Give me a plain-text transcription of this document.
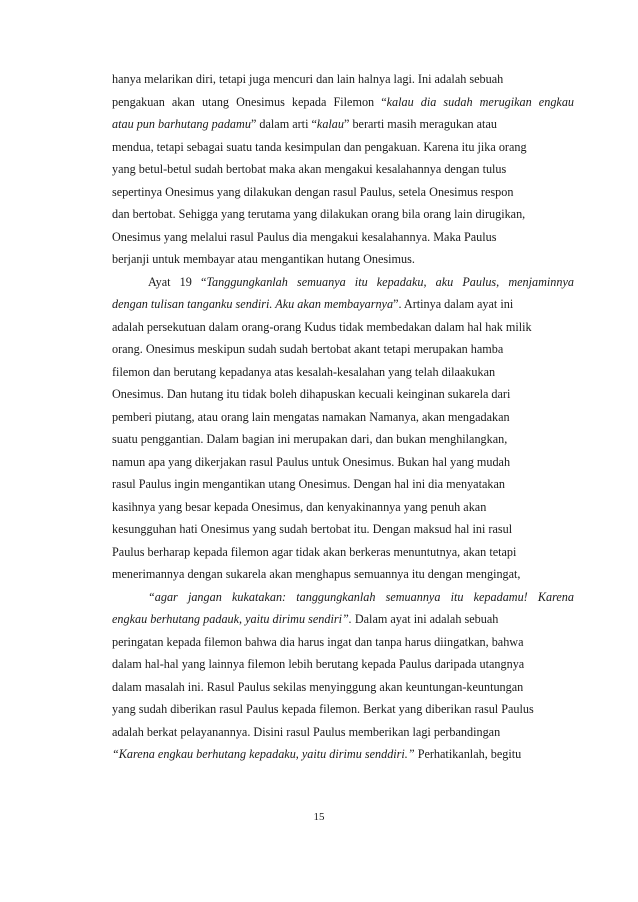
hanya melarikan diri, tetapi juga mencuri dan lain halnya lagi. Ini adalah sebuah
pengakuan akan utang Onesimus kepada Filemon “kalau dia sudah merugikan engkau
atau pun barhutang padamu” dalam arti “kalau” berarti masih meragukan atau
mendua, tetapi sebagai suatu tanda kesimpulan dan pengakuan. Karena itu jika orang
yang betul-betul sudah bertobat maka akan mengakui kesalahannya dengan tulus
sepertinya Onesimus yang dilakukan dengan rasul Paulus, setela Onesimus respon
dan bertobat. Sehigga yang terutama yang dilakukan orang bila orang lain dirugikan,
Onesimus yang melalui rasul Paulus dia mengakui kesalahannya. Maka Paulus
berjanji untuk membayar atau mengantikan hutang Onesimus.
Ayat 19 “Tanggungkanlah semuanya itu kepadaku, aku Paulus, menjaminnya
dengan tulisan tanganku sendiri. Aku akan membayarnya”. Artinya dalam ayat ini
adalah persekutuan dalam orang-orang Kudus tidak membedakan dalam hal hak milik
orang. Onesimus meskipun sudah sudah bertobat akant tetapi merupakan hamba
filemon dan berutang kepadanya atas kesalah-kesalahan yang telah dilaakukan
Onesimus. Dan hutang itu tidak boleh dihapuskan kecuali keinginan sukarela dari
pemberi piutang, atau orang lain mengatas namakan Namanya, akan mengadakan
suatu penggantian. Dalam bagian ini merupakan dari, dan bukan menghilangkan,
namun apa yang dikerjakan rasul Paulus untuk Onesimus. Bukan hal yang mudah
rasul Paulus ingin mengantikan utang Onesimus. Dengan hal ini dia menyatakan
kasihnya yang besar kepada Onesimus, dan kenyakinannya yang penuh akan
kesungguhan hati Onesimus yang sudah bertobat itu. Dengan maksud hal ini rasul
Paulus berharap kepada filemon agar tidak akan berkeras menuntutnya, akan tetapi
menerimannya dengan sukarela akan menghapus semuannya itu dengan mengingat,
“agar jangan kukatakan: tanggungkanlah semuannya itu kepadamu! Karena
engkau berhutang padauk, yaitu dirimu sendiri”. Dalam ayat ini adalah sebuah
peringatan kepada filemon bahwa dia harus ingat dan tanpa harus diingatkan, bahwa
dalam hal-hal yang lainnya filemon lebih berutang kepada Paulus daripada utangnya
dalam masalah ini. Rasul Paulus sekilas menyinggung akan keuntungan-keuntungan
yang sudah diberikan rasul Paulus kepada filemon. Berkat yang diberikan rasul Paulus
adalah berkat pelayanannya. Disini rasul Paulus memberikan lagi perbandingan
“Karena engkau berhutang kepadaku, yaitu dirimu senddiri.” Perhatikanlah, begitu
15
